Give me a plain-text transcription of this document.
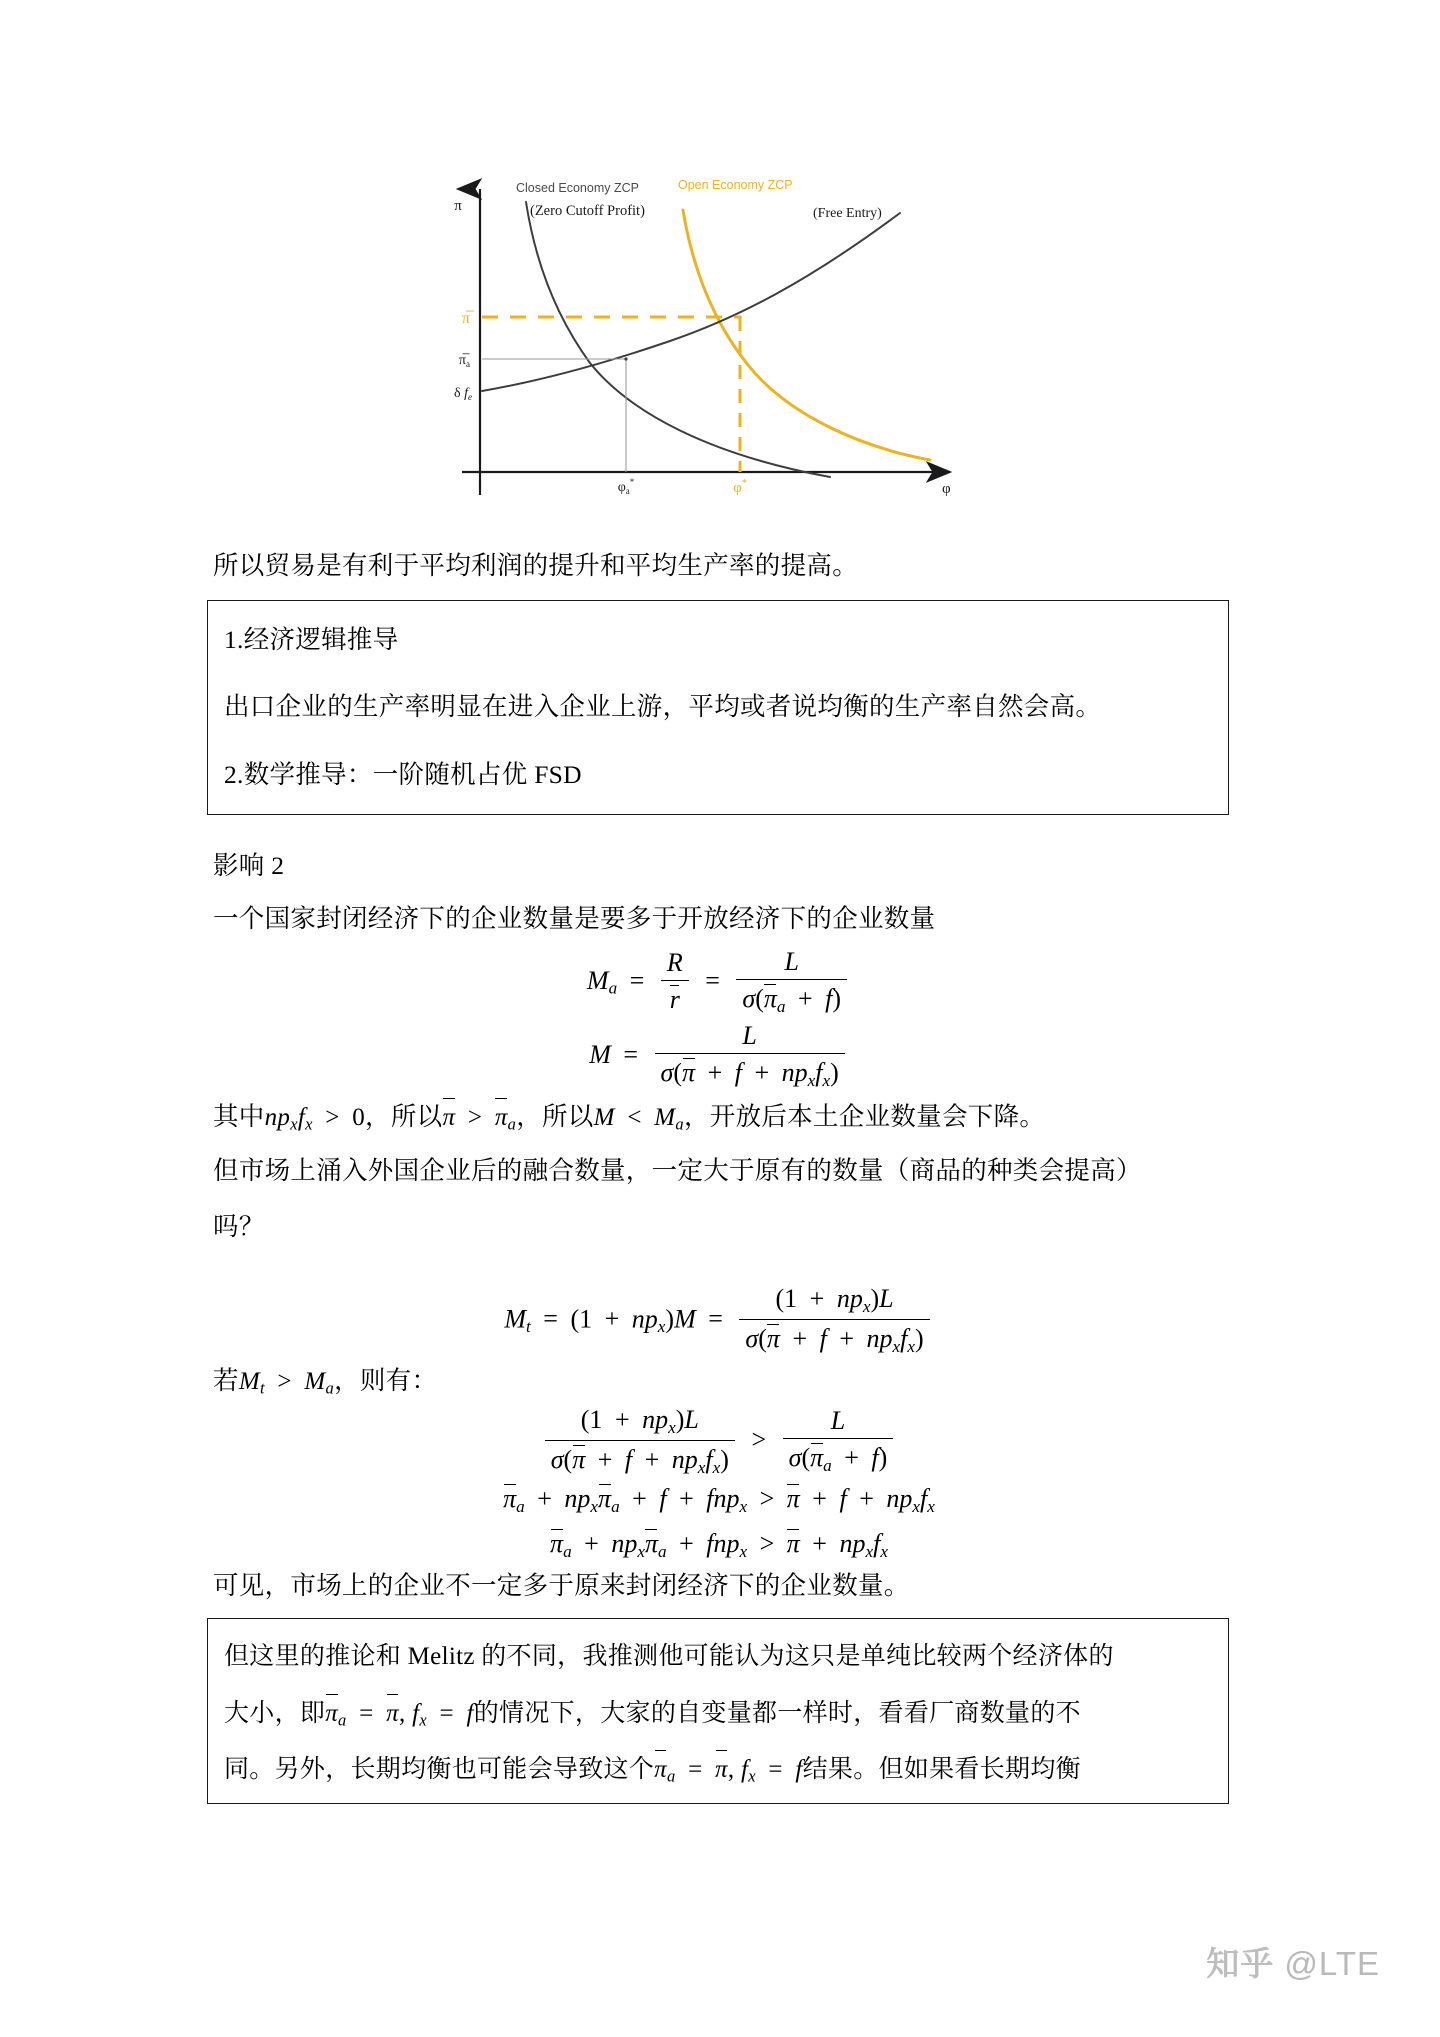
π
φ
π̅
$\pi̅_a$
δ $f_e$
$\varphi_a^*$	φ*
Closed Economy ZCP
(Zero Cutoff Profit)
Open Economy ZCP
(Free Entry)

所以贸易是有利于平均利润的提升和平均生产率的提高。

1.经济逻辑推导

出口企业的生产率明显在进入企业上游，平均或者说均衡的生产率自然会高。

2.数学推导：一阶随机占优 FSD

影响 2

一个国家封闭经济下的企业数量是要多于开放经济下的企业数量

$M_a = \frac{R}{r} = \frac{L}{\sigma(\pi_a + f)}$
$M = \frac{L}{\sigma(\pi + f + np_xf_x)}$

其中$np_xf_x > 0$，所以$\pi > \pi_a$，所以$M < M_a$，开放后本土企业数量会下降。

但市场上涌入外国企业后的融合数量，一定大于原有的数量（商品的种类会提高）

吗？

$M_t = (1 + np_x)M = \frac{(1 + np_x)L}{\sigma(\pi + f + np_xf_x)}$

若$M_t > M_a$，则有：

$\frac{(1 + np_x)L}{\sigma(\pi + f + np_xf_x)} > \frac{L}{\sigma(\pi_a + f)}$
$\pi_a + np_x\pi_a + f + fnp_x > \pi + f + np_xf_x$
$\pi_a + np_x\pi_a + fnp_x > \pi + np_xf_x$

可见，市场上的企业不一定多于原来封闭经济下的企业数量。

但这里的推论和 Melitz 的不同，我推测他可能认为这只是单纯比较两个经济体的

大小，即$\pi_a = \pi$, $f_x = f$的情况下，大家的自变量都一样时，看看厂商数量的不

同。另外，长期均衡也可能会导致这个$\pi_a = \pi$, $f_x = f$结果。但如果看长期均衡

知乎 @LTE
